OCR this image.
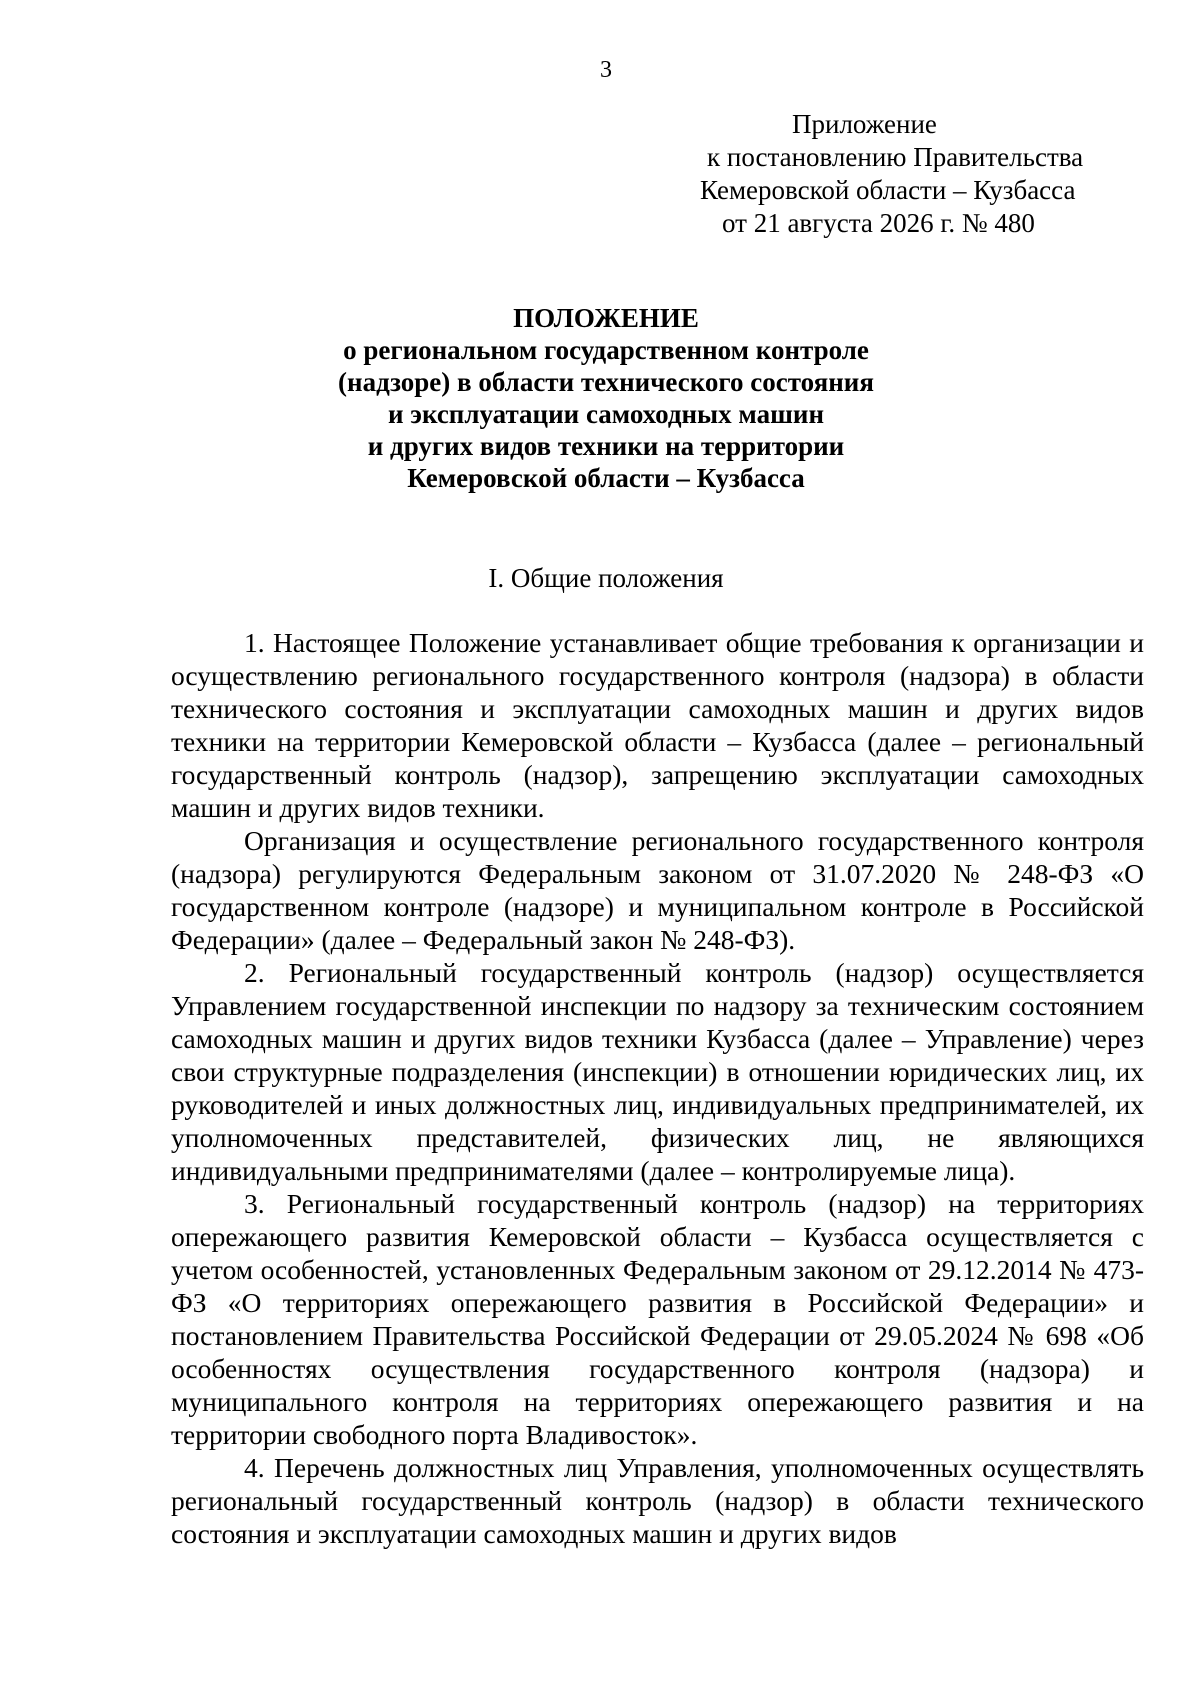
3
Приложение
к постановлению Правительства
Кемеровской области – Кузбасса
от 21 августа 2026 г. № 480
ПОЛОЖЕНИЕ
о региональном государственном контроле
(надзоре) в области технического состояния
и эксплуатации самоходных машин
и других видов техники на территории
Кемеровской области – Кузбасса
I. Общие положения

1. Настоящее Положение устанавливает общие требования к организации и осуществлению регионального государственного контроля (надзора) в области технического состояния и эксплуатации самоходных машин и других видов техники на территории Кемеровской области – Кузбасса (далее – региональный государственный контроль (надзор), запрещению эксплуатации самоходных машин и других видов техники.

Организация и осуществление регионального государственного контроля (надзора) регулируются Федеральным законом от 31.07.2020 № 248-ФЗ «О государственном контроле (надзоре) и муниципальном контроле в Российской Федерации» (далее – Федеральный закон № 248-ФЗ).

2. Региональный государственный контроль (надзор) осуществляется Управлением государственной инспекции по надзору за техническим состоянием самоходных машин и других видов техники Кузбасса (далее – Управление) через свои структурные подразделения (инспекции) в отношении юридических лиц, их руководителей и иных должностных лиц, индивидуальных предпринимателей, их уполномоченных представителей, физических лиц, не являющихся индивидуальными предпринимателями (далее – контролируемые лица).

3. Региональный государственный контроль (надзор) на территориях опережающего развития Кемеровской области – Кузбасса осуществляется с учетом особенностей, установленных Федеральным законом от 29.12.2014 № 473-ФЗ «О территориях опережающего развития в Российской Федерации» и постановлением Правительства Российской Федерации от 29.05.2024 № 698 «Об особенностях осуществления государственного контроля (надзора) и муниципального контроля на территориях опережающего развития и на территории свободного порта Владивосток».

4. Перечень должностных лиц Управления, уполномоченных осуществлять региональный государственный контроль (надзор) в области технического состояния и эксплуатации самоходных машин и других видов
